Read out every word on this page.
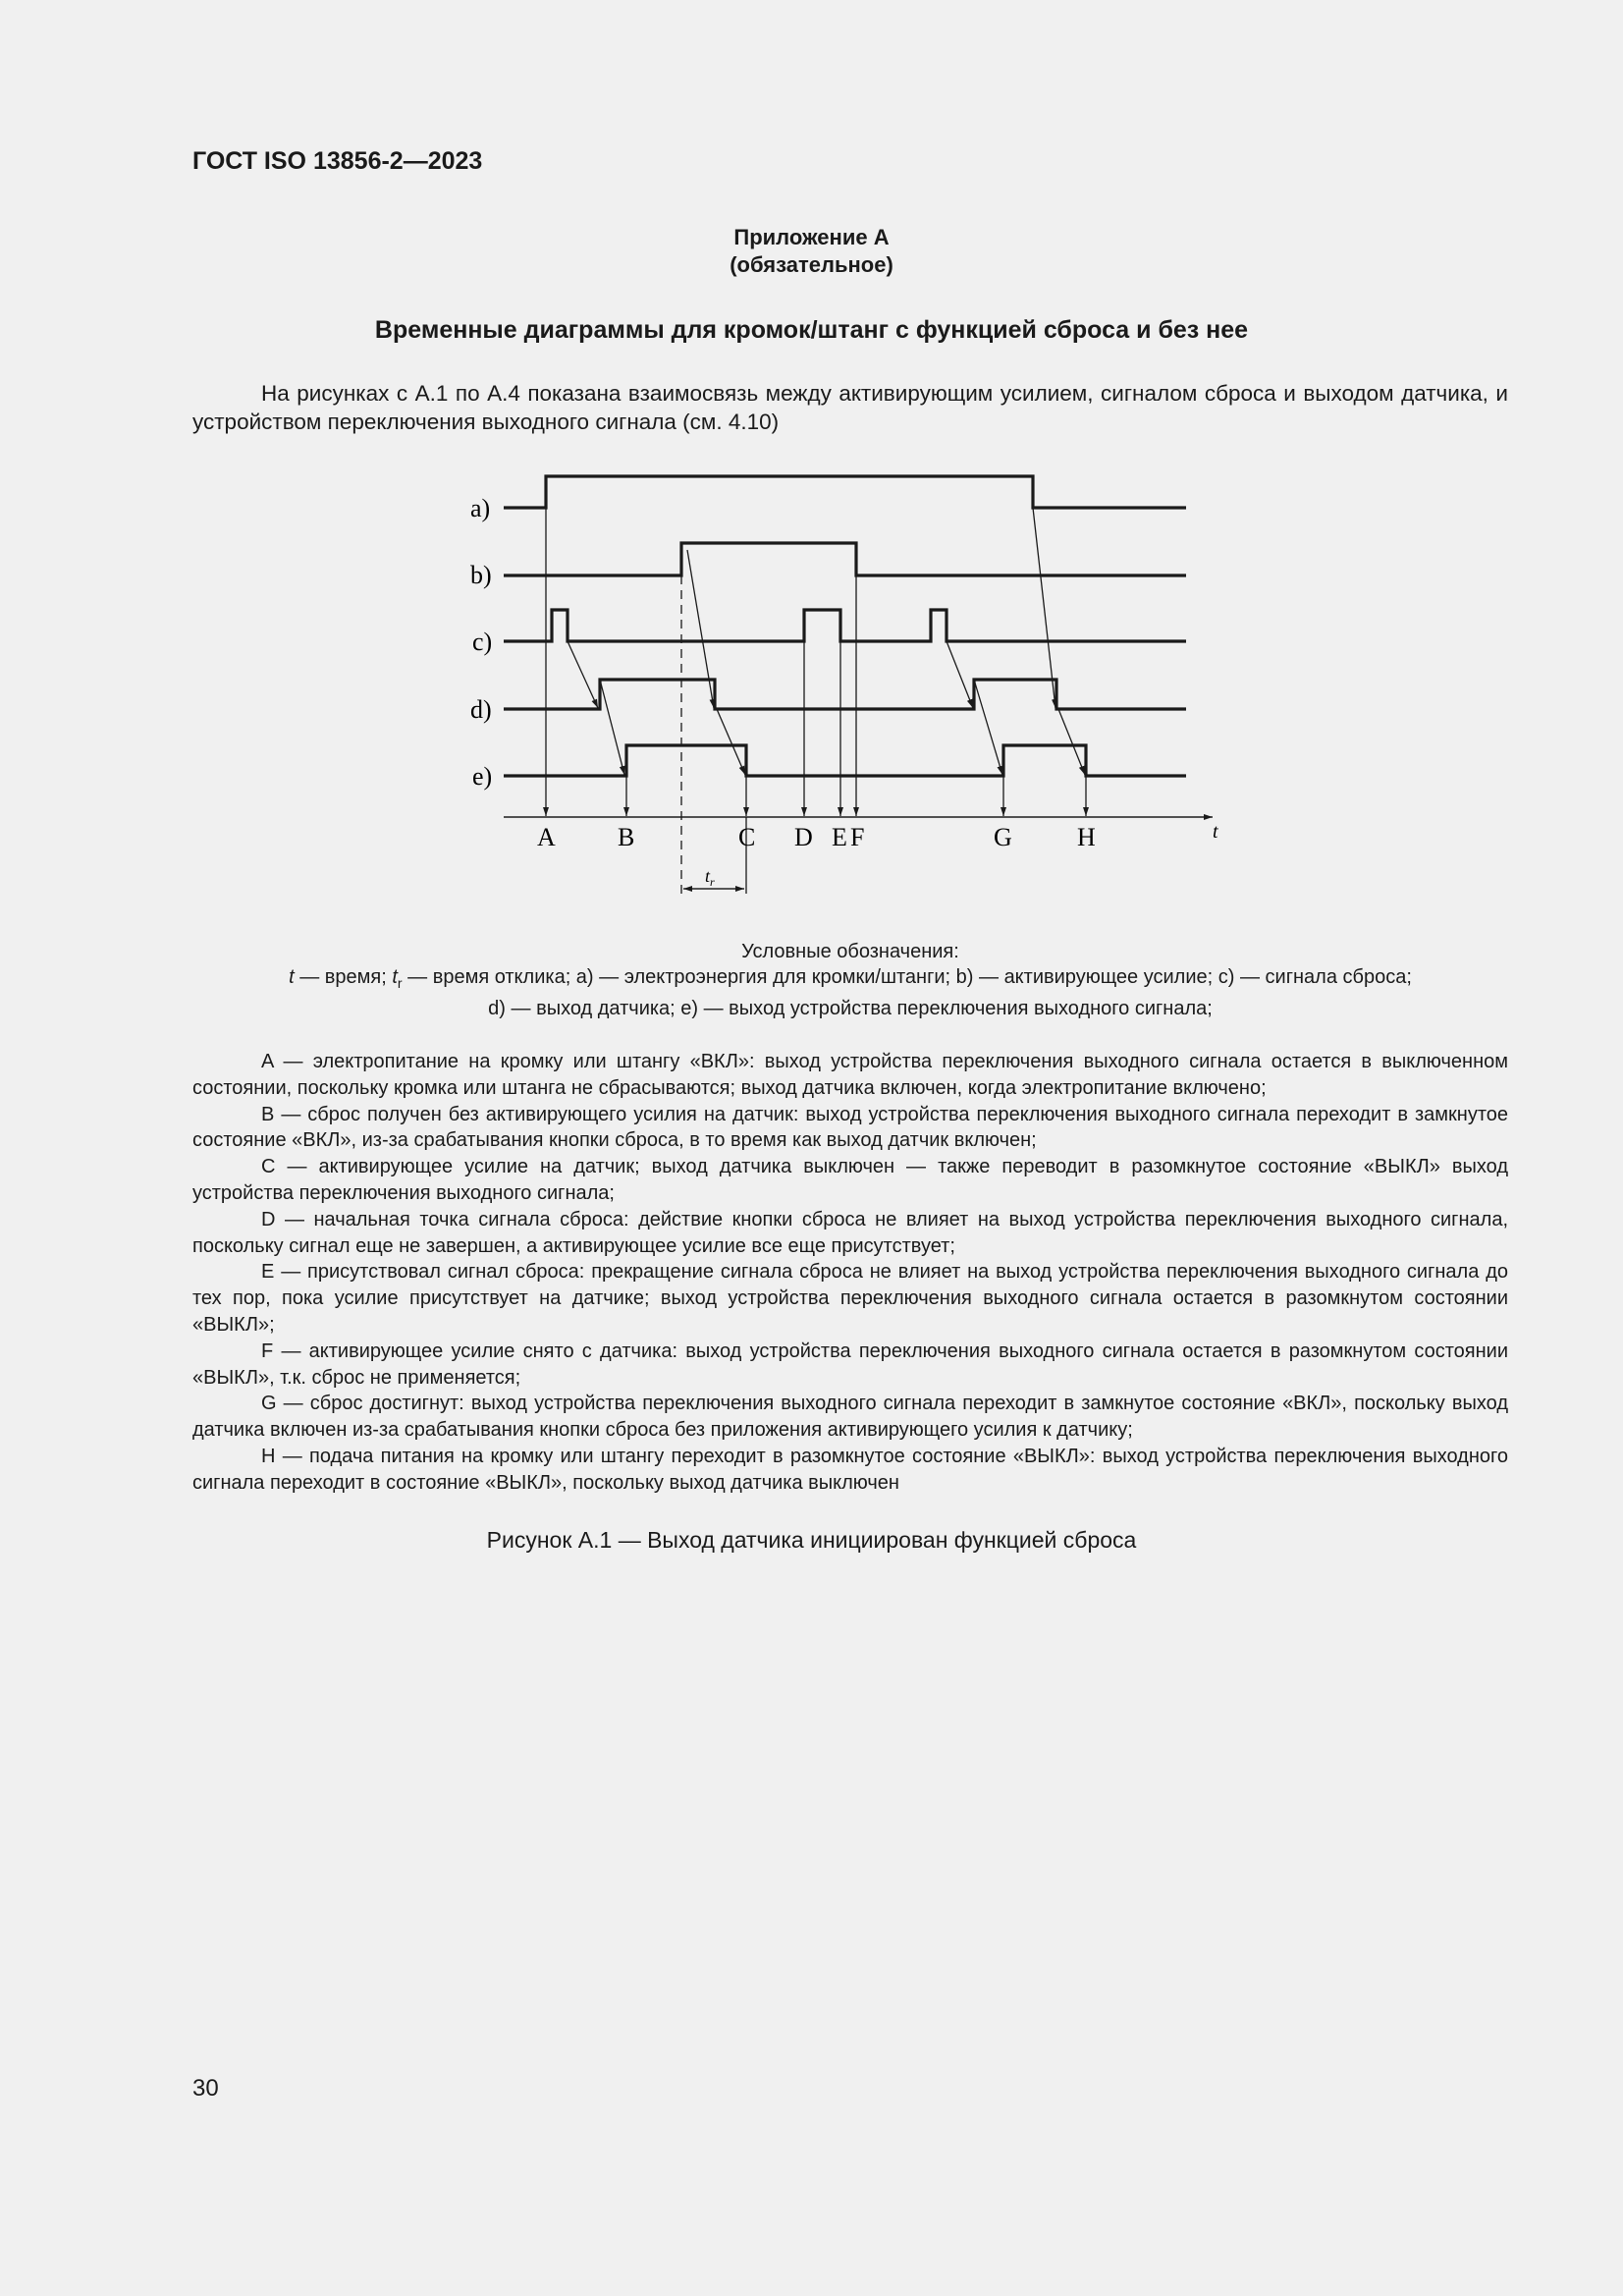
ГОСТ ISO 13856-2—2023
Приложение А
(обязательное)
Временные диаграммы для кромок/штанг с функцией сброса и без нее
На рисунках с А.1 по А.4 показана взаимосвязь между активирующим усилием, сигналом сброса и выходом датчика, и устройством переключения выходного сигнала (см. 4.10)
a)
b)
c)
d)
e)
t
$t_r$
A B	C D E F	G	H
Условные обозначения:
t — время; $t_r$ — время отклика; a) — электроэнергия для кромки/штанги; b) — активирующее усилие; c) — сигнала сброса;
d) — выход датчика; e) — выход устройства переключения выходного сигнала;

A — электропитание на кромку или штангу «ВКЛ»: выход устройства переключения выходного сигнала остается в выключенном состоянии, поскольку кромка или штанга не сбрасываются; выход датчика включен, когда электропитание включено;

B — сброс получен без активирующего усилия на датчик: выход устройства переключения выходного сигнала переходит в замкнутое состояние «ВКЛ», из-за срабатывания кнопки сброса, в то время как выход датчик включен;

C — активирующее усилие на датчик; выход датчика выключен — также переводит в разомкнутое состояние «ВЫКЛ» выход устройства переключения выходного сигнала;

D — начальная точка сигнала сброса: действие кнопки сброса не влияет на выход устройства переключения выходного сигнала, поскольку сигнал еще не завершен, а активирующее усилие все еще присутствует;

E — присутствовал сигнал сброса: прекращение сигнала сброса не влияет на выход устройства переключения выходного сигнала до тех пор, пока усилие присутствует на датчике; выход устройства переключения выходного сигнала остается в разомкнутом состоянии «ВЫКЛ»;

F — активирующее усилие снято с датчика: выход устройства переключения выходного сигнала остается в разомкнутом состоянии «ВЫКЛ», т.к. сброс не применяется;

G — сброс достигнут: выход устройства переключения выходного сигнала переходит в замкнутое состояние «ВКЛ», поскольку выход датчика включен из-за срабатывания кнопки сброса без приложения активирующего усилия к датчику;

H — подача питания на кромку или штангу переходит в разомкнутое состояние «ВЫКЛ»: выход устройства переключения выходного сигнала переходит в состояние «ВЫКЛ», поскольку выход датчика выключен

Рисунок А.1 — Выход датчика инициирован функцией сброса
30
